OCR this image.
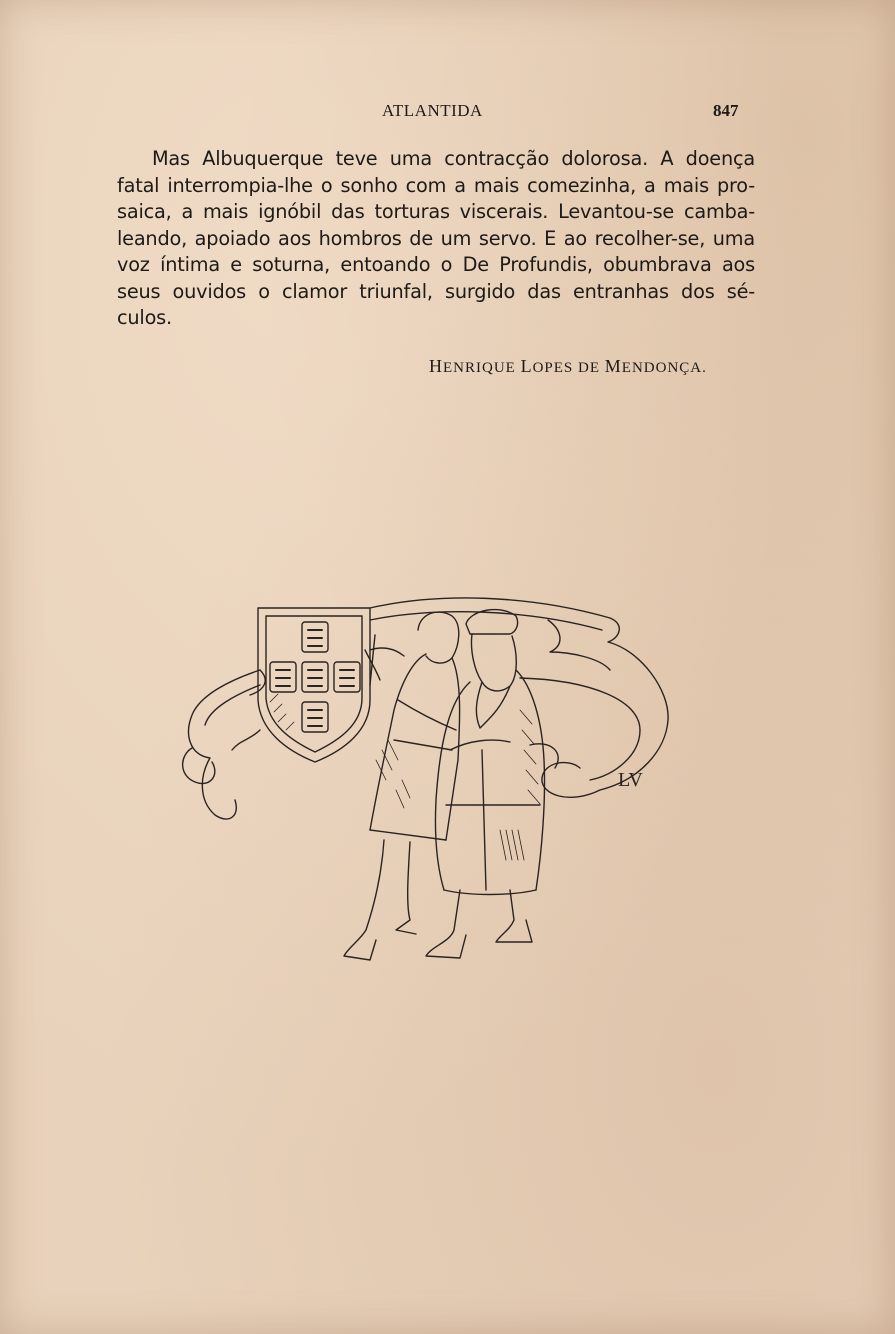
ATLANTIDA	847

Mas Albuquerque teve uma contracção dolorosa. A doença
fatal interrompia-lhe o sonho com a mais comezinha, a mais pro-
saica, a mais ignóbil das torturas viscerais. Levantou-se camba-
leando, apoiado aos hombros de um servo. E ao recolher-se, uma
voz íntima e soturna, entoando o De Profundis, obumbrava aos
seus ouvidos o clamor triunfal, surgido das entranhas dos sé-
culos.

HENRIQUE LOPES DE MENDONÇA.
LV
